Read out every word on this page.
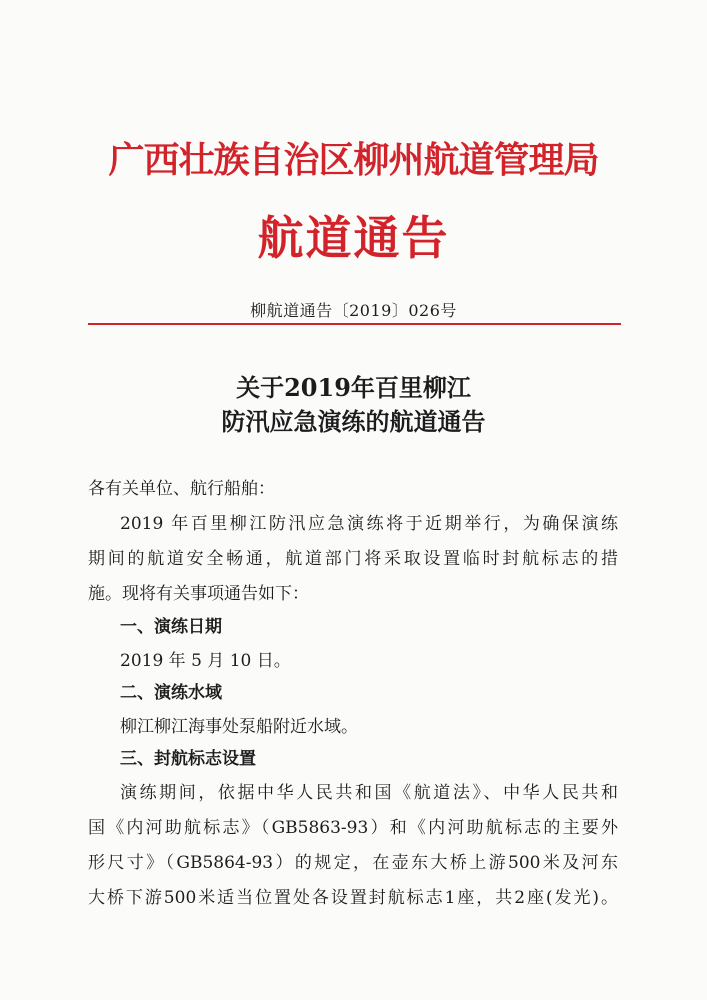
广西壮族自治区柳州航道管理局
航道通告
柳航道通告〔2019〕026号
关于2019年百里柳江
防汛应急演练的航道通告
各有关单位、航行船舶：
2019 年百里柳江防汛应急演练将于近期举行，为确保演练
期间的航道安全畅通，航道部门将采取设置临时封航标志的措
施。现将有关事项通告如下：
一、演练日期
2019 年 5 月 10 日。
二、演练水域
柳江柳江海事处泵船附近水域。
三、封航标志设置
演练期间，依据中华人民共和国《航道法》、中华人民共和
国《内河助航标志》（GB5863-93）和《内河助航标志的主要外
形尺寸》（GB5864-93）的规定，在壶东大桥上游500米及河东
大桥下游500米适当位置处各设置封航标志1座，共2座(发光)。
